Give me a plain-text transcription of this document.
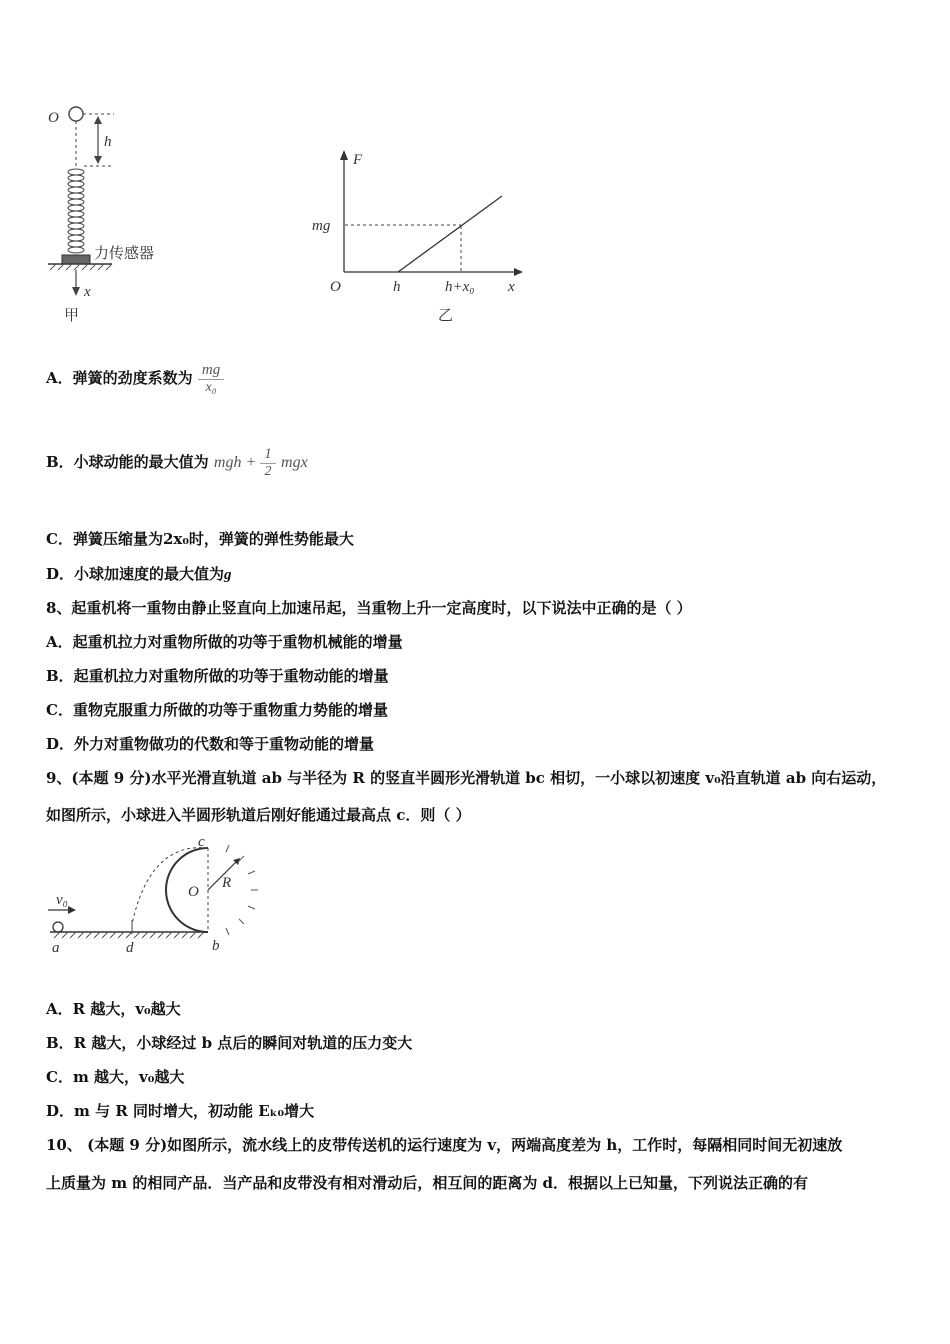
O
h
力传感器
x
甲
F
mg
O	h	h+x₀ x
乙
A．弹簧的劲度系数为 $\frac{mg}{\text{x₀}}$
B．小球动能的最大值为 mgh + $\frac{1}{2}$ mgx
C．弹簧压缩量为2x₀时，弹簧的弹性势能最大
D．小球加速度的最大值为g
8、起重机将一重物由静止竖直向上加速吊起，当重物上升一定高度时，以下说法中正确的是（ ）
A．起重机拉力对重物所做的功等于重物机械能的增量
B．起重机拉力对重物所做的功等于重物动能的增量
C．重物克服重力所做的功等于重物重力势能的增量
D．外力对重物做功的代数和等于重物动能的增量
9、(本题 9 分)水平光滑直轨道 ab 与半径为 R 的竖直半圆形光滑轨道 bc 相切，一小球以初速度 v₀沿直轨道 ab 向右运动，
如图所示，小球进入半圆形轨道后刚好能通过最高点 c．则（ ）
v₀
a	d	b
c
O
R
A．R 越大，v₀越大
B．R 越大，小球经过 b 点后的瞬间对轨道的压力变大
C．m 越大，v₀越大
D．m 与 R 同时增大，初动能 Eₖ₀增大
10、 (本题 9 分)如图所示，流水线上的皮带传送机的运行速度为 v，两端高度差为 h，工作时，每隔相同时间无初速放
上质量为 m 的相同产品．当产品和皮带没有相对滑动后，相互间的距离为 d．根据以上已知量，下列说法正确的有
